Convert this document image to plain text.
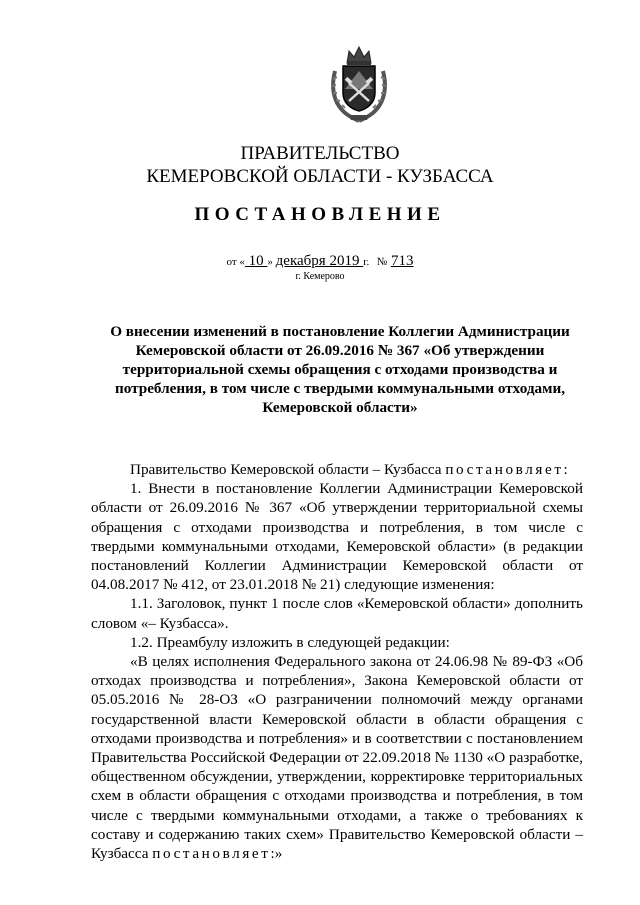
ПРАВИТЕЛЬСТВО
КЕМЕРОВСКОЙ ОБЛАСТИ - КУЗБАССА
ПОСТАНОВЛЕНИЕ
от « 10 » декабря 2019 г. № 713
г. Кемерово
О внесении изменений в постановление Коллегии Администрации Кемеровской области от 26.09.2016 № 367 «Об утверждении территориальной схемы обращения с отходами производства и потребления, в том числе с твердыми коммунальными отходами, Кемеровской области»

Правительство Кемеровской области – Кузбасса постановляет:

1. Внести в постановление Коллегии Администрации Кемеровской области от 26.09.2016 № 367 «Об утверждении территориальной схемы обращения с отходами производства и потребления, в том числе с твердыми коммунальными отходами, Кемеровской области» (в редакции постановлений Коллегии Администрации Кемеровской области от 04.08.2017 № 412, от 23.01.2018 № 21) следующие изменения:

1.1. Заголовок, пункт 1 после слов «Кемеровской области» дополнить словом «– Кузбасса».

1.2. Преамбулу изложить в следующей редакции:

«В целях исполнения Федерального закона от 24.06.98 № 89-ФЗ «Об отходах производства и потребления», Закона Кемеровской области от 05.05.2016 № 28-ОЗ «О разграничении полномочий между органами государственной власти Кемеровской области в области обращения с отходами производства и потребления» и в соответствии с постановлением Правительства Российской Федерации от 22.09.2018 № 1130 «О разработке, общественном обсуждении, утверждении, корректировке территориальных схем в области обращения с отходами производства и потребления, в том числе с твердыми коммунальными отходами, а также о требованиях к составу и содержанию таких схем» Правительство Кемеровской области – Кузбасса постановляет:»
